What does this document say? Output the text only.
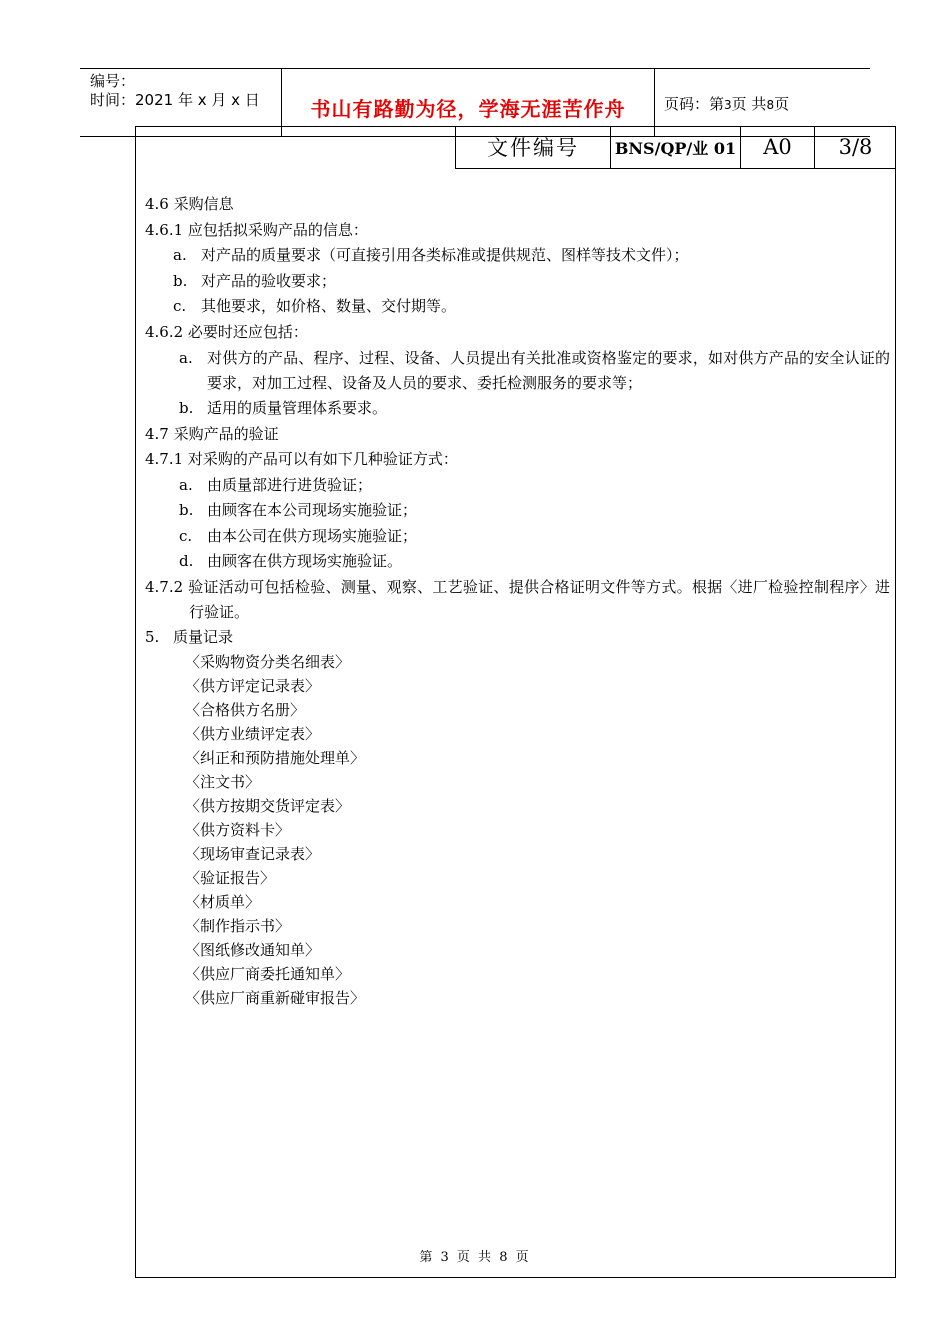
编号：
时间：2021 年 x 月 x 日	书山有路勤为径，学海无涯苦作舟	页码：第3页 共8页
文件编号	BNS/QP/业 01	A0	3/8
4.6 采购信息
4.6.1 应包括拟采购产品的信息：
a. 对产品的质量要求（可直接引用各类标准或提供规范、图样等技术文件）；
b. 对产品的验收要求；
c. 其他要求，如价格、数量、交付期等。
4.6.2 必要时还应包括：
a. 对供方的产品、程序、过程、设备、人员提出有关批准或资格鉴定的要求，如对供方产品的安全认证的要求，对加工过程、设备及人员的要求、委托检测服务的要求等；
b. 适用的质量管理体系要求。
4.7 采购产品的验证
4.7.1 对采购的产品可以有如下几种验证方式：
a. 由质量部进行进货验证；
b. 由顾客在本公司现场实施验证；
c. 由本公司在供方现场实施验证；
d. 由顾客在供方现场实施验证。
4.7.2 验证活动可包括检验、测量、观察、工艺验证、提供合格证明文件等方式。根据〈进厂检验控制程序〉进行验证。
5. 质量记录
〈采购物资分类名细表〉
〈供方评定记录表〉
〈合格供方名册〉
〈供方业绩评定表〉
〈纠正和预防措施处理单〉
〈注文书〉
〈供方按期交货评定表〉
〈供方资料卡〉
〈现场审查记录表〉
〈验证报告〉
〈材质单〉
〈制作指示书〉
〈图纸修改通知单〉
〈供应厂商委托通知单〉
〈供应厂商重新碰审报告〉
第 3 页 共 8 页
